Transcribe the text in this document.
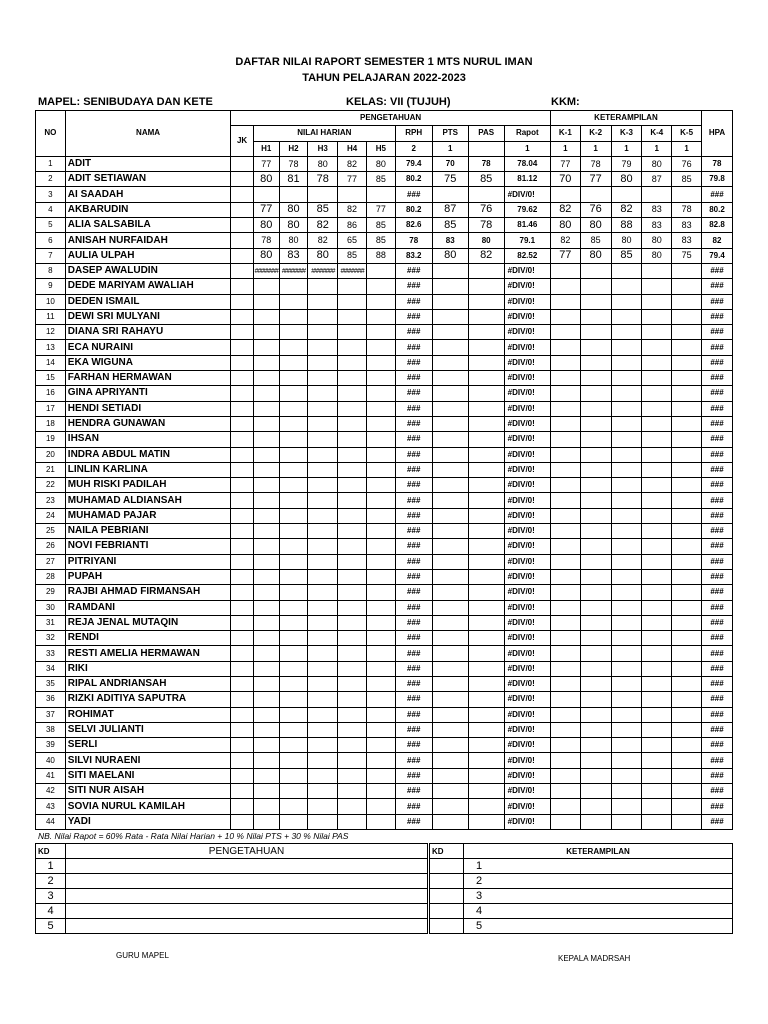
DAFTAR NILAI RAPORT SEMESTER 1 MTS NURUL IMAN
TAHUN PELAJARAN 2022-2023
MAPEL: SENIBUDAYA DAN KETE	KELAS: VII (TUJUH)	KKM:
NO	NAMA	PENGETAHUAN										KETERAMPILAN					HPA
		JK	NILAI HARIAN					RPH	PTS	PAS	Rapot	K-1	K-2	K-3	K-4	K-5	
			H1	H2	H3	H4	H5	2	1		1	1	1	1	1	1	
1	ADIT		77	78	80	82	80	79.4	70	78	78.04	77	78	79	80	76	78
2	ADIT SETIAWAN		80	81	78	77	85	80.2	75	85	81.12	70	77	80	87	85	79.8
3	AI SAADAH							###			#DIV/0!						###
4	AKBARUDIN		77	80	85	82	77	80.2	87	76	79.62	82	76	82	83	78	80.2
5	ALIA SALSABILA		80	80	82	86	85	82.6	85	78	81.46	80	80	88	83	83	82.8
6	ANISAH NURFAIDAH		78	80	82	65	85	78	83	80	79.1	82	85	80	80	83	82
7	AULIA ULPAH		80	83	80	85	88	83.2	80	82	82.52	77	80	85	80	75	79.4
8	DASEP AWALUDIN		########	########	########	########		###			#DIV/0!						###
9	DEDE MARIYAM AWALIAH							###			#DIV/0!						###
10	DEDEN ISMAIL							###			#DIV/0!						###
11	DEWI SRI MULYANI							###			#DIV/0!						###
12	DIANA SRI RAHAYU							###			#DIV/0!						###
13	ECA NURAINI							###			#DIV/0!						###
14	EKA WIGUNA							###			#DIV/0!						###
15	FARHAN HERMAWAN							###			#DIV/0!						###
16	GINA APRIYANTI							###			#DIV/0!						###
17	HENDI SETIADI							###			#DIV/0!						###
18	HENDRA GUNAWAN							###			#DIV/0!						###
19	IHSAN							###			#DIV/0!						###
20	INDRA ABDUL MATIN							###			#DIV/0!						###
21	LINLIN KARLINA							###			#DIV/0!						###
22	MUH RISKI PADILAH							###			#DIV/0!						###
23	MUHAMAD ALDIANSAH							###			#DIV/0!						###
24	MUHAMAD PAJAR							###			#DIV/0!						###
25	NAILA PEBRIANI							###			#DIV/0!						###
26	NOVI FEBRIANTI							###			#DIV/0!						###
27	PITRIYANI							###			#DIV/0!						###
28	PUPAH							###			#DIV/0!						###
29	RAJBI AHMAD FIRMANSAH							###			#DIV/0!						###
30	RAMDANI							###			#DIV/0!						###
31	REJA JENAL MUTAQIN							###			#DIV/0!						###
32	RENDI							###			#DIV/0!						###
33	RESTI AMELIA HERMAWAN							###			#DIV/0!						###
34	RIKI							###			#DIV/0!						###
35	RIPAL ANDRIANSAH							###			#DIV/0!						###
36	RIZKI ADITIYA SAPUTRA							###			#DIV/0!						###
37	ROHIMAT							###			#DIV/0!						###
38	SELVI JULIANTI							###			#DIV/0!						###
39	SERLI							###			#DIV/0!						###
40	SILVI NURAENI							###			#DIV/0!						###
41	SITI MAELANI							###			#DIV/0!						###
42	SITI NUR AISAH							###			#DIV/0!						###
43	SOVIA NURUL KAMILAH							###			#DIV/0!						###
44	YADI							###			#DIV/0!						###
NB. Nilai Rapot = 60% Rata - Rata Nilai Harian + 10 % Nilai PTS + 30 % Nilai PAS
KD	PENGETAHUAN
1	
2	
3	
4	
5	
KD	KETERAMPILAN
	1
	2
	3
	4
	5
GURU MAPEL	KEPALA MADRSAH
